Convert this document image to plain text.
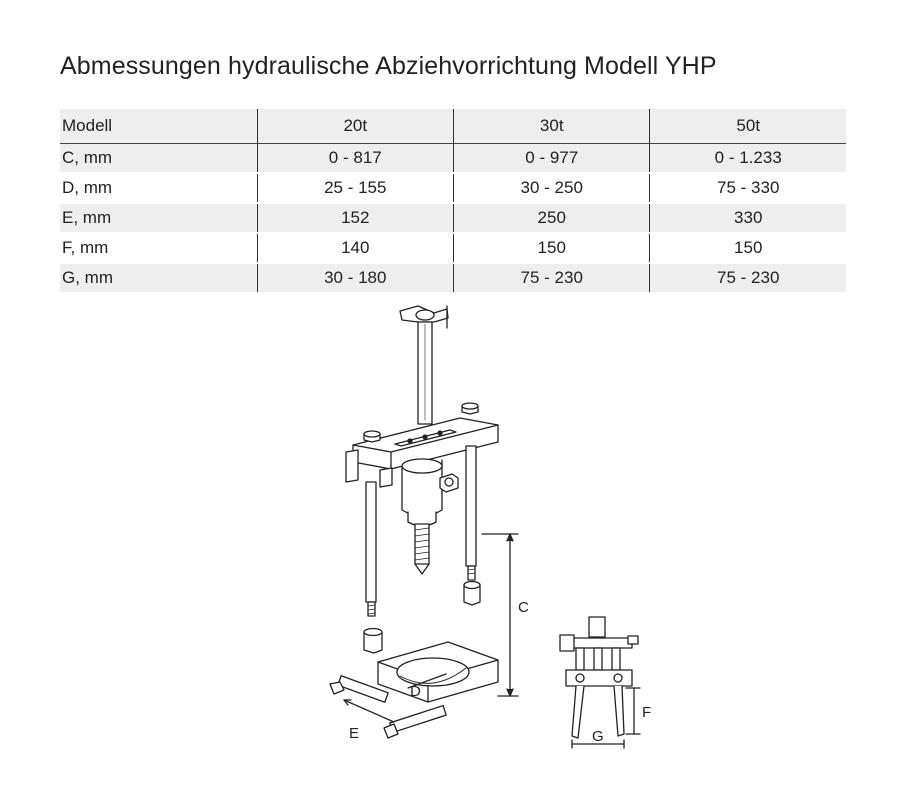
Abmessungen hydraulische Abziehvorrichtung Modell YHP
Modell	20t	30t	50t
C, mm	0 - 817	0 - 977	0 - 1.233
D, mm	25 - 155	30 - 250	75 - 330
E, mm	152	250	330
F, mm	140	150	150
G, mm	30 - 180	75 - 230	75 - 230
C
D
E
F
G
